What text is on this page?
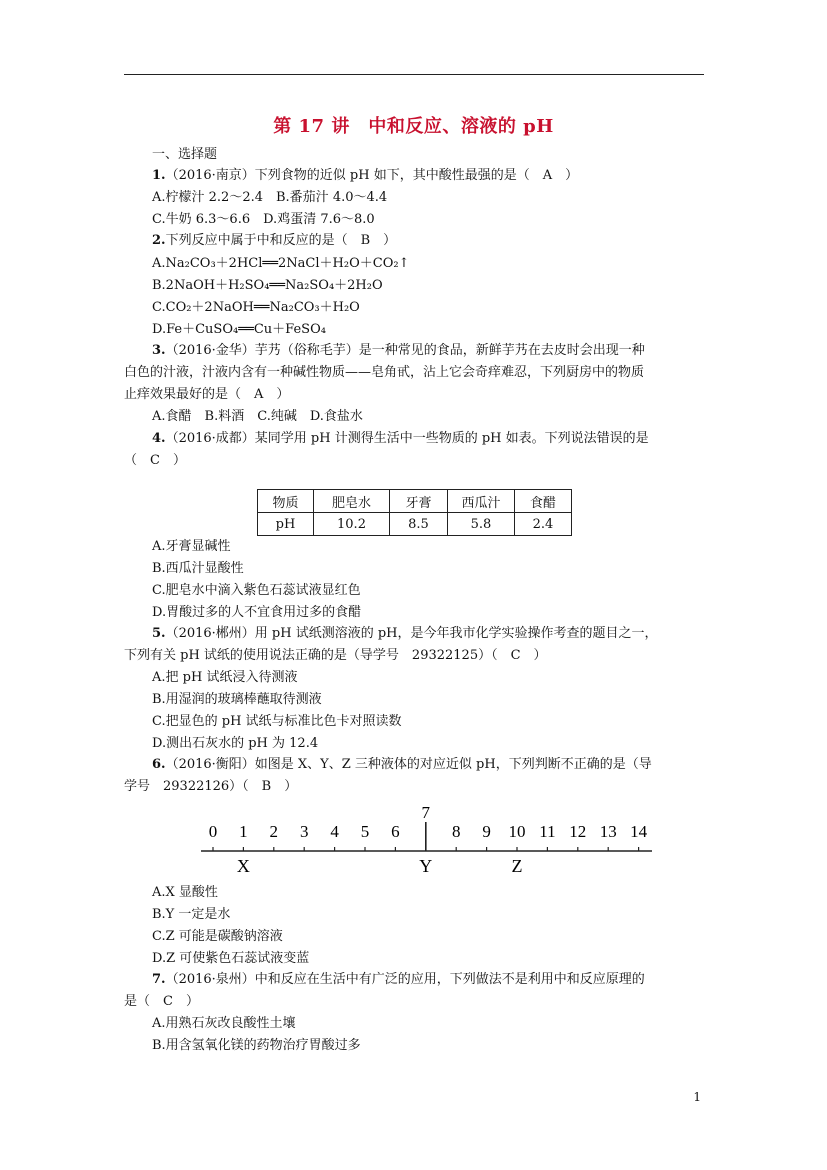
第 17 讲　中和反应、溶液的 pH
一、选择题
1.（2016·南京）下列食物的近似 pH 如下，其中酸性最强的是（　A　）
A.柠檬汁 2.2～2.4　B.番茄汁 4.0～4.4
C.牛奶 6.3～6.6　D.鸡蛋清 7.6～8.0
2.下列反应中属于中和反应的是（　B　）
A.Na₂CO₃＋2HCl══2NaCl＋H₂O＋CO₂↑
B.2NaOH＋H₂SO₄══Na₂SO₄＋2H₂O
C.CO₂＋2NaOH══Na₂CO₃＋H₂O
D.Fe＋CuSO₄══Cu＋FeSO₄
3.（2016·金华）芋艿（俗称毛芋）是一种常见的食品，新鲜芋艿在去皮时会出现一种
白色的汁液，汁液内含有一种碱性物质——皂角甙，沾上它会奇痒难忍，下列厨房中的物质
止痒效果最好的是（　A　）
A.食醋　B.料酒　C.纯碱　D.食盐水
4.（2016·成都）某同学用 pH 计测得生活中一些物质的 pH 如表。下列说法错误的是
（　C　）
物质	肥皂水	牙膏	西瓜汁	食醋
pH	10.2	8.5	5.8	2.4
A.牙膏显碱性
B.西瓜汁显酸性
C.肥皂水中滴入紫色石蕊试液显红色
D.胃酸过多的人不宜食用过多的食醋
5.（2016·郴州）用 pH 试纸测溶液的 pH，是今年我市化学实验操作考查的题目之一，
下列有关 pH 试纸的使用说法正确的是（导学号　29322125）（　C　）
A.把 pH 试纸浸入待测液
B.用湿润的玻璃棒蘸取待测液
C.把显色的 pH 试纸与标准比色卡对照读数
D.测出石灰水的 pH 为 12.4
6.（2016·衡阳）如图是 X、Y、Z 三种液体的对应近似 pH，下列判断不正确的是（导
学号　29322126）（　B　）
0 1 2 3 4 5 6
7
8 9 10 11 12 13 14
X	Y	Z
A.X 显酸性
B.Y 一定是水
C.Z 可能是碳酸钠溶液
D.Z 可使紫色石蕊试液变蓝
7.（2016·泉州）中和反应在生活中有广泛的应用，下列做法不是利用中和反应原理的
是（　C　）
A.用熟石灰改良酸性土壤
B.用含氢氧化镁的药物治疗胃酸过多
1
